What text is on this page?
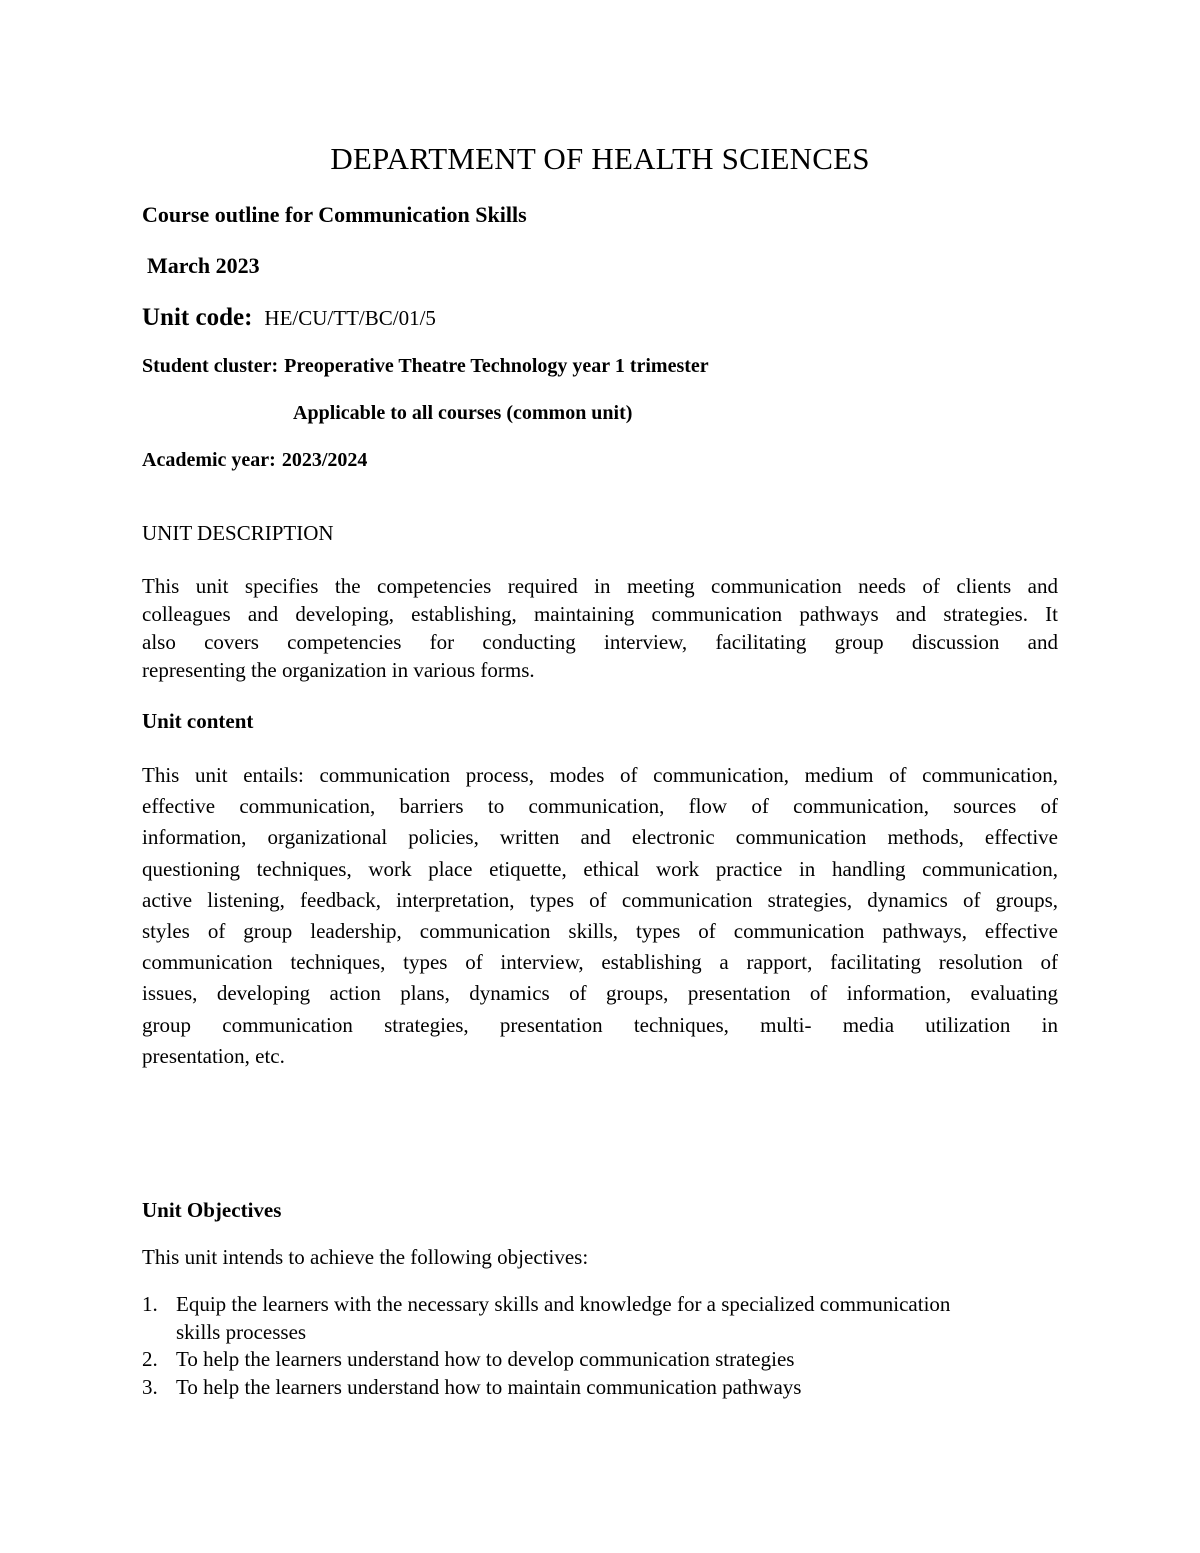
DEPARTMENT OF HEALTH SCIENCES
Course outline for Communication Skills
March 2023
Unit code: HE/CU/TT/BC/01/5
Student cluster: Preoperative Theatre Technology year 1 trimester
Applicable to all courses (common unit)
Academic year: 2023/2024
UNIT DESCRIPTION
This unit specifies the competencies required in meeting communication needs of clients and
colleagues and developing, establishing, maintaining communication pathways and strategies. It
also covers competencies for conducting interview, facilitating group discussion and
representing the organization in various forms.
Unit content
This unit entails: communication process, modes of communication, medium of communication,
effective communication, barriers to communication, flow of communication, sources of
information, organizational policies, written and electronic communication methods, effective
questioning techniques, work place etiquette, ethical work practice in handling communication,
active listening, feedback, interpretation, types of communication strategies, dynamics of groups,
styles of group leadership, communication skills, types of communication pathways, effective
communication techniques, types of interview, establishing a rapport, facilitating resolution of
issues, developing action plans, dynamics of groups, presentation of information, evaluating
group communication strategies, presentation techniques, multi- media utilization in
presentation, etc.
Unit Objectives
This unit intends to achieve the following objectives:
1. Equip the learners with the necessary skills and knowledge for a specialized communication
skills processes
2. To help the learners understand how to develop communication strategies
3. To help the learners understand how to maintain communication pathways
